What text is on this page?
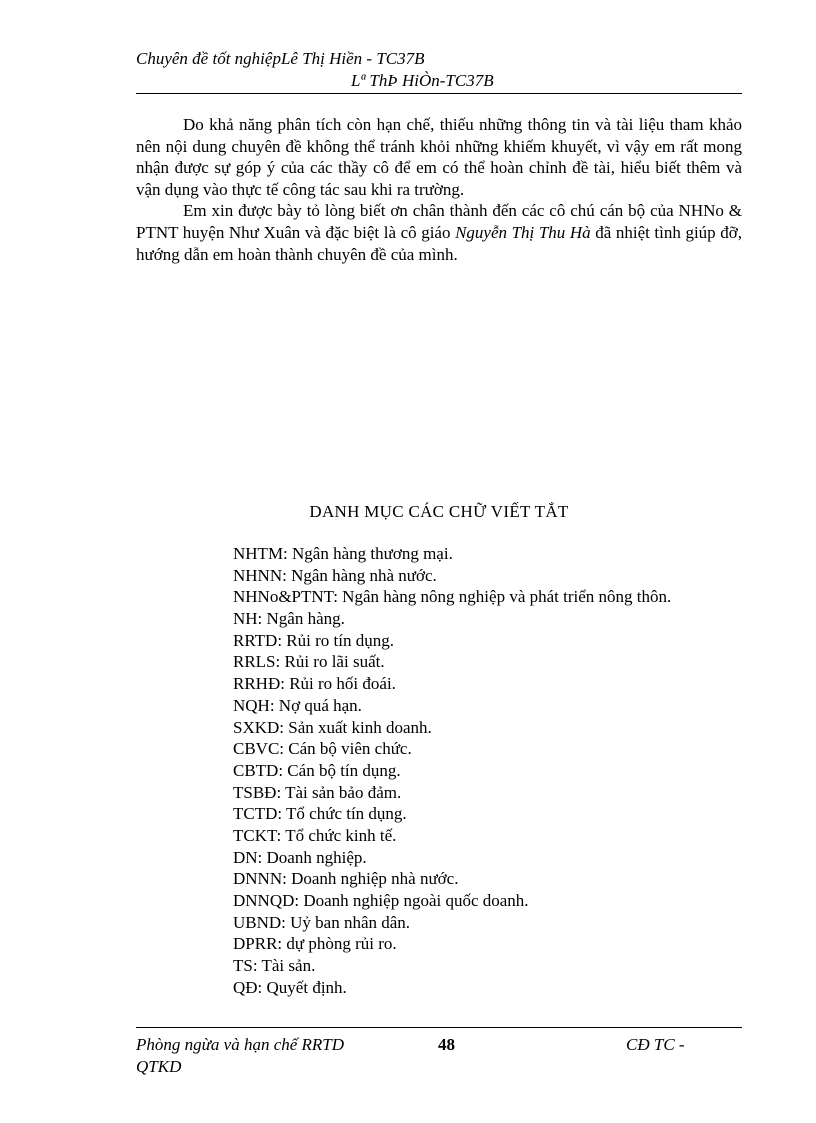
Chuyên đề tốt nghiệpLê Thị Hiền - TC37B
Lª ThÞ HiÒn-TC37B

Do khả năng phân tích còn hạn chế, thiếu những thông tin và tài liệu tham khảo nên nội dung chuyên đề không thể tránh khỏi những khiếm khuyết, vì vậy em rất mong nhận được sự góp ý của các thầy cô để em có thể hoàn chỉnh đề tài, hiểu biết thêm và vận dụng vào thực tế công tác sau khi ra trường.

Em xin được bày tỏ lòng biết ơn chân thành đến các cô chú cán bộ của NHNo & PTNT huyện Như Xuân và đặc biệt là cô giáo Nguyễn Thị Thu Hà đã nhiệt tình giúp đỡ, hướng dẫn em hoàn thành chuyên đề của mình.

DANH MỤC CÁC CHỮ VIẾT TẮT
NHTM: Ngân hàng thương mại.
NHNN: Ngân hàng nhà nước.
NHNo&PTNT: Ngân hàng nông nghiệp và phát triển nông thôn.
NH: Ngân hàng.
RRTD: Rủi ro tín dụng.
RRLS: Rủi ro lãi suất.
RRHĐ: Rủi ro hối đoái.
NQH: Nợ quá hạn.
SXKD: Sản xuất kinh doanh.
CBVC: Cán bộ viên chức.
CBTD: Cán bộ tín dụng.
TSBĐ: Tài sản bảo đảm.
TCTD: Tổ chức tín dụng.
TCKT: Tổ chức kinh tế.
DN: Doanh nghiệp.
DNNN: Doanh nghiệp nhà nước.
DNNQD: Doanh nghiệp ngoài quốc doanh.
UBND: Uỷ ban nhân dân.
DPRR: dự phòng rủi ro.
TS: Tài sản.
QĐ: Quyết định.
Phòng ngừa và hạn chế RRTD	48	CĐ TC -
QTKD
